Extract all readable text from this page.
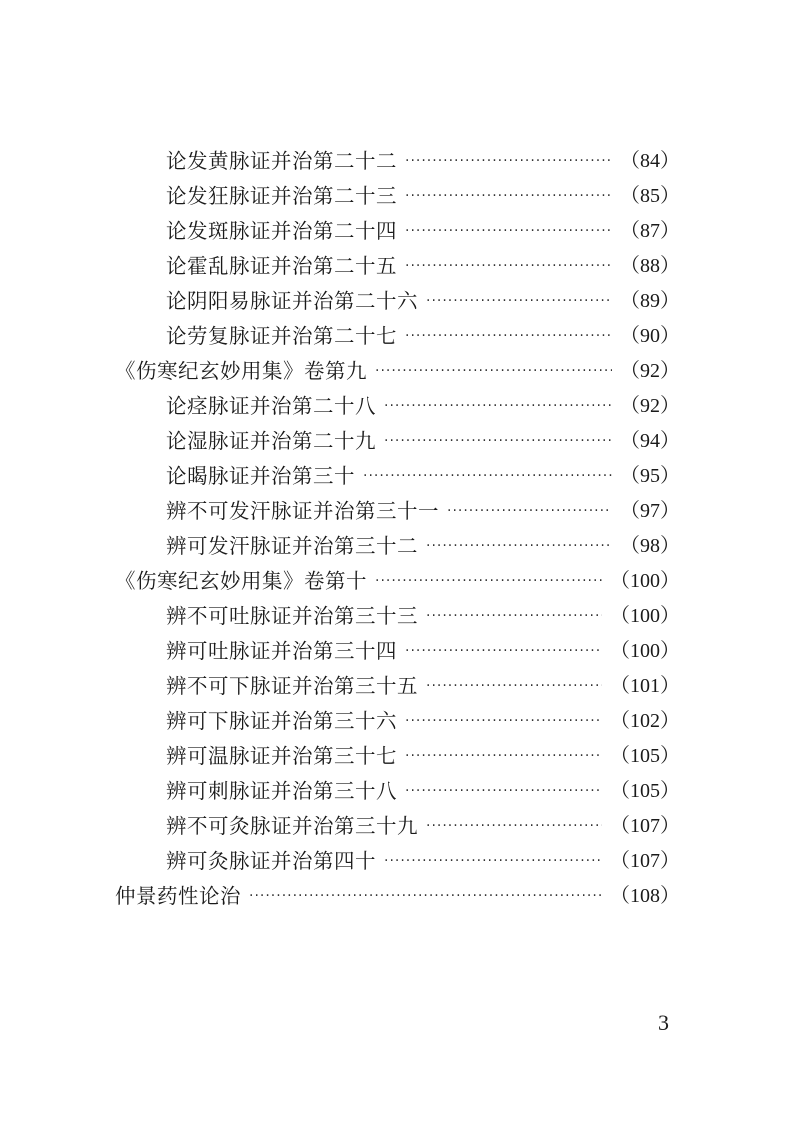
论发黄脉证并治第二十二 ·····	（84）
论发狂脉证并治第二十三 ·····	（85）
论发斑脉证并治第二十四 ·····	（87）
论霍乱脉证并治第二十五 ·····	（88）
论阴阳易脉证并治第二十六 ·····	（89）
论劳复脉证并治第二十七 ·····	（90）
《伤寒纪玄妙用集》卷第九 ·····	（92）
论痉脉证并治第二十八 ·····	（92）
论湿脉证并治第二十九 ·····	（94）
论暍脉证并治第三十 ·····	（95）
辨不可发汗脉证并治第三十一 ·····	（97）
辨可发汗脉证并治第三十二 ·····	（98）
《伤寒纪玄妙用集》卷第十 ·····	（100）
辨不可吐脉证并治第三十三 ·····	（100）
辨可吐脉证并治第三十四 ·····	（100）
辨不可下脉证并治第三十五 ·····	（101）
辨可下脉证并治第三十六 ·····	（102）
辨可温脉证并治第三十七 ·····	（105）
辨可刺脉证并治第三十八 ·····	（105）
辨不可灸脉证并治第三十九 ·····	（107）
辨可灸脉证并治第四十 ·····	（107）
仲景药性论治 ·····	（108）
3
